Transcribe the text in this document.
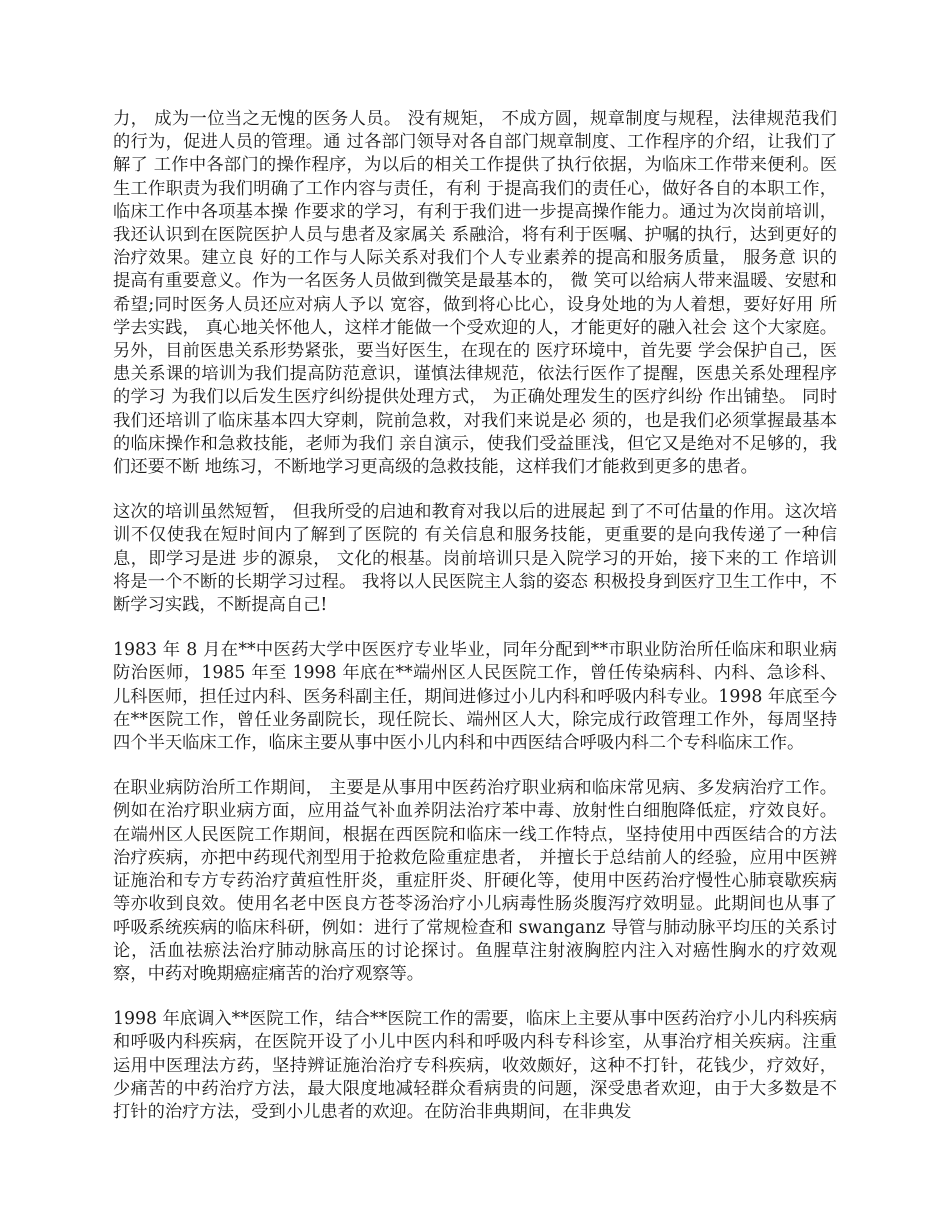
力， 成为一位当之无愧的医务人员。 没有规矩， 不成方圆，规章制度与规程，法律规范我们的行为，促进人员的管理。通 过各部门领导对各自部门规章制度、工作程序的介绍，让我们了解了 工作中各部门的操作程序，为以后的相关工作提供了执行依据，为临床工作带来便利。医生工作职责为我们明确了工作内容与责任，有利 于提高我们的责任心，做好各自的本职工作，临床工作中各项基本操 作要求的学习，有利于我们进一步提高操作能力。通过为次岗前培训， 我还认识到在医院医护人员与患者及家属关 系融洽，将有利于医嘱、护嘱的执行，达到更好的治疗效果。建立良 好的工作与人际关系对我们个人专业素养的提高和服务质量， 服务意 识的提高有重要意义。作为一名医务人员做到微笑是最基本的， 微 笑可以给病人带来温暖、安慰和希望;同时医务人员还应对病人予以 宽容，做到将心比心，设身处地的为人着想，要好好用 所学去实践， 真心地关怀他人，这样才能做一个受欢迎的人，才能更好的融入社会 这个大家庭。另外，目前医患关系形势紧张，要当好医生，在现在的 医疗环境中，首先要 学会保护自己，医患关系课的培训为我们提高防范意识，谨慎法律规范，依法行医作了提醒，医患关系处理程序的学习 为我们以后发生医疗纠纷提供处理方式， 为正确处理发生的医疗纠纷 作出铺垫。 同时我们还培训了临床基本四大穿刺，院前急救，对我们来说是必 须的，也是我们必须掌握最基本的临床操作和急救技能，老师为我们 亲自演示，使我们受益匪浅，但它又是绝对不足够的，我们还要不断 地练习，不断地学习更高级的急救技能，这样我们才能救到更多的患者。

这次的培训虽然短暂， 但我所受的启迪和教育对我以后的进展起 到了不可估量的作用。这次培训不仅使我在短时间内了解到了医院的 有关信息和服务技能，更重要的是向我传递了一种信息，即学习是进 步的源泉， 文化的根基。岗前培训只是入院学习的开始，接下来的工 作培训将是一个不断的长期学习过程。 我将以人民医院主人翁的姿态 积极投身到医疗卫生工作中，不断学习实践，不断提高自己!

1983 年 8 月在**中医药大学中医医疗专业毕业，同年分配到**市职业防治所任临床和职业病防治医师，1985 年至 1998 年底在**端州区人民医院工作，曾任传染病科、内科、急诊科、儿科医师，担任过内科、医务科副主任，期间进修过小儿内科和呼吸内科专业。1998 年底至今在**医院工作，曾任业务副院长，现任院长、端州区人大，除完成行政管理工作外，每周坚持四个半天临床工作，临床主要从事中医小儿内科和中西医结合呼吸内科二个专科临床工作。

在职业病防治所工作期间， 主要是从事用中医药治疗职业病和临床常见病、多发病治疗工作。例如在治疗职业病方面，应用益气补血养阴法治疗苯中毒、放射性白细胞降低症，疗效良好。在端州区人民医院工作期间，根据在西医院和临床一线工作特点，坚持使用中西医结合的方法治疗疾病，亦把中药现代剂型用于抢救危险重症患者， 并擅长于总结前人的经验，应用中医辨证施治和专方专药治疗黄疸性肝炎，重症肝炎、肝硬化等，使用中医药治疗慢性心肺衰歇疾病等亦收到良效。使用名老中医良方苍苓汤治疗小儿病毒性肠炎腹泻疗效明显。此期间也从事了呼吸系统疾病的临床科研，例如：进行了常规检查和 swanganz 导管与肺动脉平均压的关系讨论，活血祛瘀法治疗肺动脉高压的讨论探讨。鱼腥草注射液胸腔内注入对癌性胸水的疗效观察，中药对晚期癌症痛苦的治疗观察等。

1998 年底调入**医院工作，结合**医院工作的需要，临床上主要从事中医药治疗小儿内科疾病和呼吸内科疾病，在医院开设了小儿中医内科和呼吸内科专科诊室，从事治疗相关疾病。注重运用中医理法方药，坚持辨证施治治疗专科疾病，收效颇好，这种不打针，花钱少，疗效好，少痛苦的中药治疗方法，最大限度地减轻群众看病贵的问题，深受患者欢迎，由于大多数是不打针的治疗方法，受到小儿患者的欢迎。在防治非典期间，在非典发
